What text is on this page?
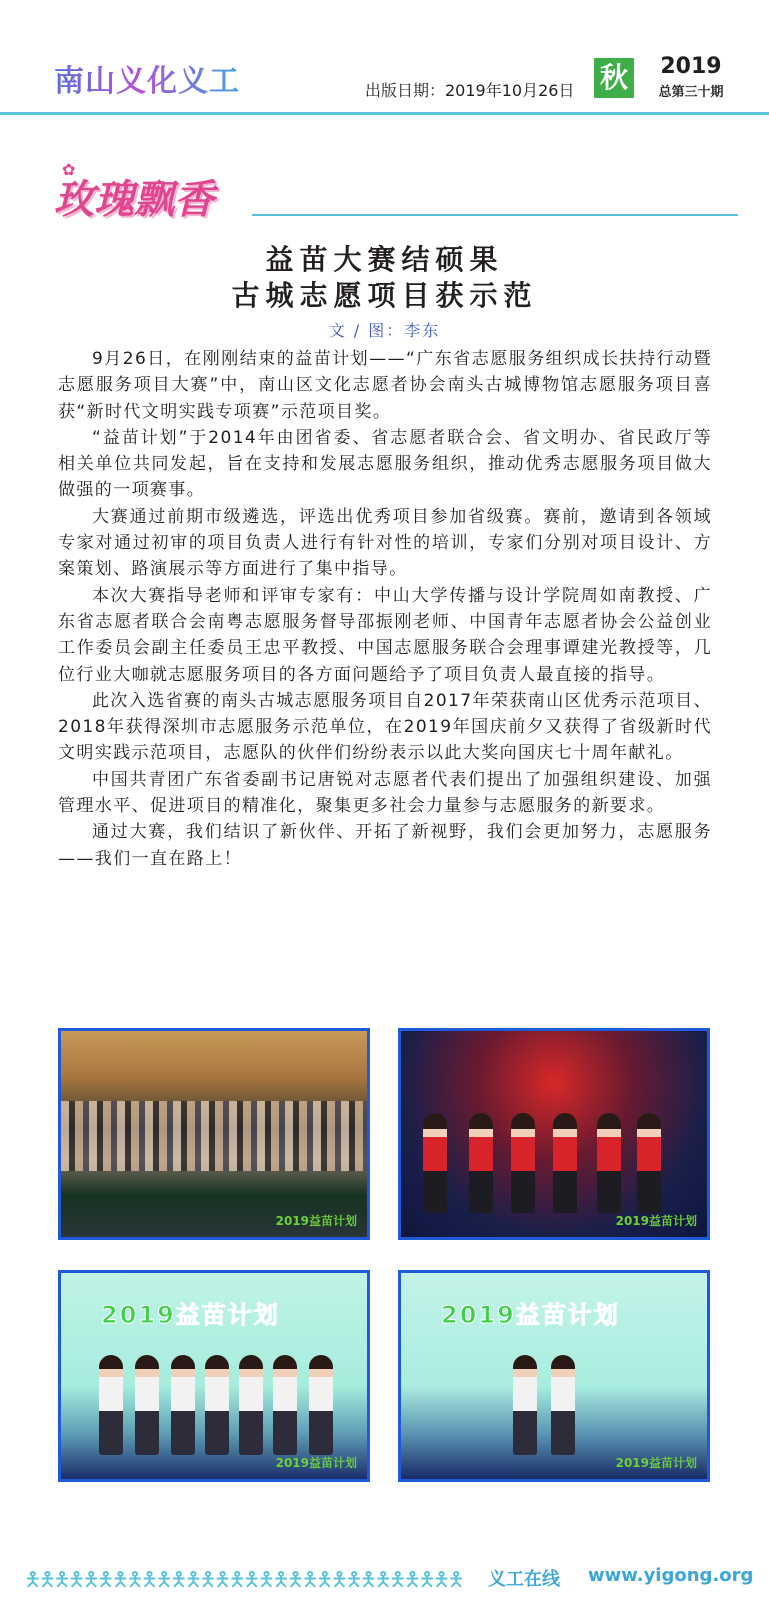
南山义化义工	出版日期：2019年10月26日 秋	2019
总第三十期
✿
玫瑰飘香
益苗大赛结硕果
古城志愿项目获示范
文 / 图：李东

9月26日，在刚刚结束的益苗计划——“广东省志愿服务组织成长扶持行动暨志愿服务项目大赛”中，南山区文化志愿者协会南头古城博物馆志愿服务项目喜获“新时代文明实践专项赛”示范项目奖。

“益苗计划”于2014年由团省委、省志愿者联合会、省文明办、省民政厅等相关单位共同发起，旨在支持和发展志愿服务组织，推动优秀志愿服务项目做大做强的一项赛事。

大赛通过前期市级遴选，评选出优秀项目参加省级赛。赛前，邀请到各领域专家对通过初审的项目负责人进行有针对性的培训，专家们分别对项目设计、方案策划、路演展示等方面进行了集中指导。

本次大赛指导老师和评审专家有：中山大学传播与设计学院周如南教授、广东省志愿者联合会南粤志愿服务督导邵振刚老师、中国青年志愿者协会公益创业工作委员会副主任委员王忠平教授、中国志愿服务联合会理事谭建光教授等，几位行业大咖就志愿服务项目的各方面问题给予了项目负责人最直接的指导。

此次入选省赛的南头古城志愿服务项目自2017年荣获南山区优秀示范项目、2018年获得深圳市志愿服务示范单位，在2019年国庆前夕又获得了省级新时代文明实践示范项目，志愿队的伙伴们纷纷表示以此大奖向国庆七十周年献礼。

中国共青团广东省委副书记唐锐对志愿者代表们提出了加强组织建设、加强管理水平、促进项目的精准化，聚集更多社会力量参与志愿服务的新要求。

通过大赛，我们结识了新伙伴、开拓了新视野，我们会更加努力，志愿服务——我们一直在路上！

2019益苗计划	2019益苗计划
2019益苗计划
2019益苗计划
2019益苗计划
2019益苗计划
🯅🯅🯅🯅🯅🯅🯅🯅🯅🯅🯅🯅🯅🯅🯅🯅🯅🯅🯅🯅🯅🯅🯅🯅🯅🯅🯅🯅🯅🯅 义工在线 www.yigong.org
